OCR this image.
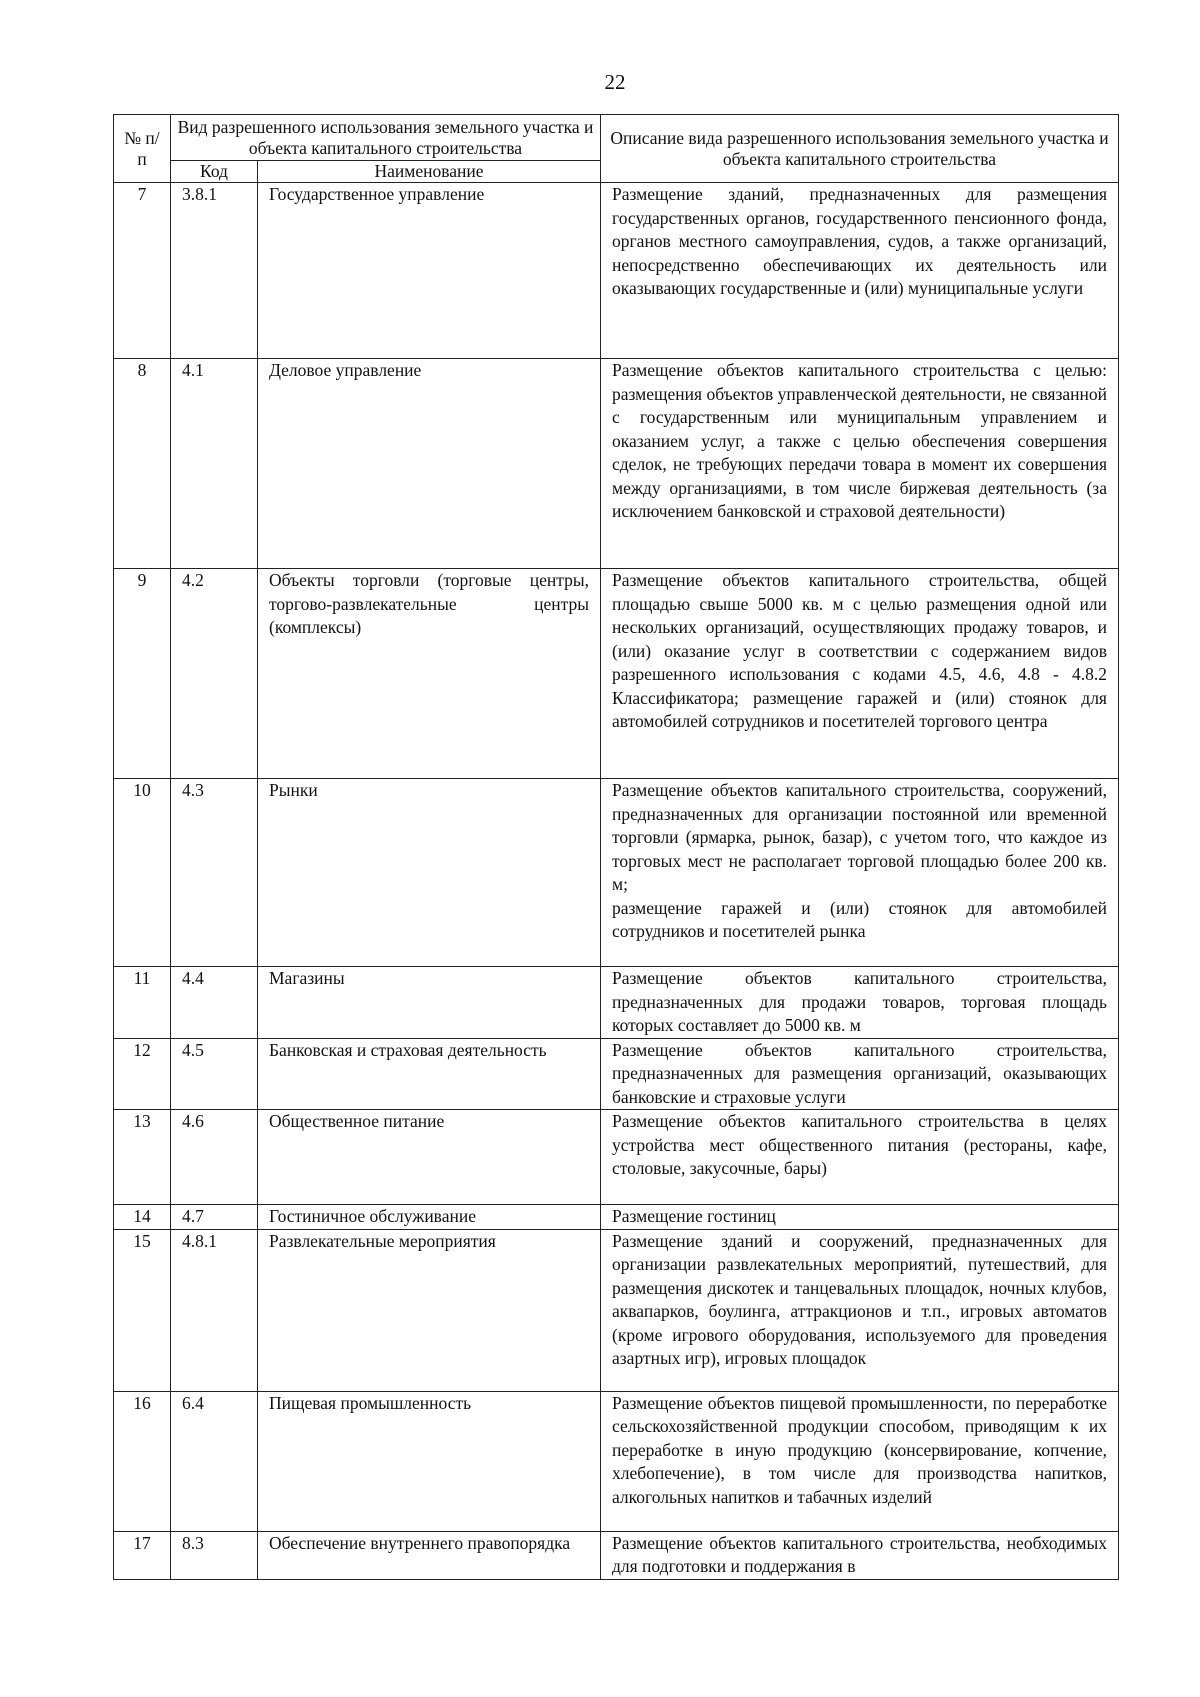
22
№ п/п	Вид разрешенного использования земельного участка и объекта капитального строительства		Описание вида разрешенного использования земельного участка и объекта капитального строительства
	Код	Наименование	
7	3.8.1	Государственное управление	Размещение зданий, предназначенных для размещения государственных органов, государственного пенсионного фонда, органов местного самоуправления, судов, а также организаций, непосредственно обеспечивающих их деятельность или оказывающих государственные и (или) муниципальные услуги
8	4.1	Деловое управление	Размещение объектов капитального строительства с целью: размещения объектов управленческой деятельности, не связанной с государственным или муниципальным управлением и оказанием услуг, а также с целью обеспечения совершения сделок, не требующих передачи товара в момент их совершения между организациями, в том числе биржевая деятельность (за исключением банковской и страховой деятельности)
9	4.2	Объекты торговли (торговые центры, торгово-развлекательные центры (комплексы)	Размещение объектов капитального строительства, общей площадью свыше 5000 кв. м с целью размещения одной или нескольких организаций, осуществляющих продажу товаров, и (или) оказание услуг в соответствии с содержанием видов разрешенного использования с кодами 4.5, 4.6, 4.8 - 4.8.2 Классификатора; размещение гаражей и (или) стоянок для автомобилей сотрудников и посетителей торгового центра
10	4.3	Рынки	Размещение объектов капитального строительства, сооружений, предназначенных для организации постоянной или временной торговли (ярмарка, рынок, базар), с учетом того, что каждое из торговых мест не располагает торговой площадью более 200 кв. м;
размещение гаражей и (или) стоянок для автомобилей сотрудников и посетителей рынка

11	4.4	Магазины	Размещение объектов капитального строительства, предназначенных для продажи товаров, торговая площадь которых составляет до 5000 кв. м
12	4.5	Банковская и страховая деятельность	Размещение объектов капитального строительства, предназначенных для размещения организаций, оказывающих банковские и страховые услуги
13	4.6	Общественное питание	Размещение объектов капитального строительства в целях устройства мест общественного питания (рестораны, кафе, столовые, закусочные, бары)
14	4.7	Гостиничное обслуживание	Размещение гостиниц
15	4.8.1	Развлекательные мероприятия	Размещение зданий и сооружений, предназначенных для организации развлекательных мероприятий, путешествий, для размещения дискотек и танцевальных площадок, ночных клубов, аквапарков, боулинга, аттракционов и т.п., игровых автоматов (кроме игрового оборудования, используемого для проведения азартных игр), игровых площадок
16	6.4	Пищевая промышленность	Размещение объектов пищевой промышленности, по переработке сельскохозяйственной продукции способом, приводящим к их переработке в иную продукцию (консервирование, копчение, хлебопечение), в том числе для производства напитков, алкогольных напитков и табачных изделий
17	8.3	Обеспечение внутреннего правопорядка	Размещение объектов капитального строительства, необходимых для подготовки и поддержания в
